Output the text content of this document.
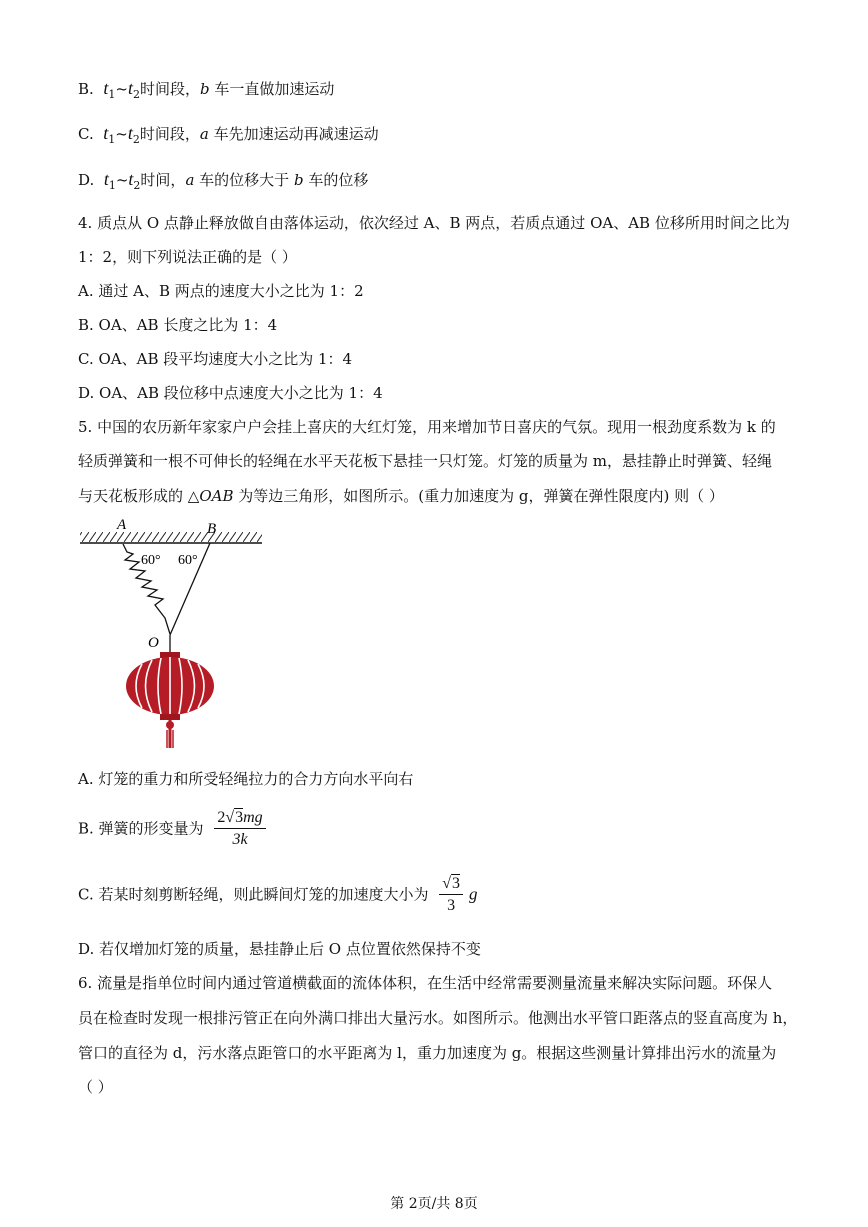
B. $t_1\sim t_2$时间段，b 车一直做加速运动
C. $t_1\sim t_2$时间段，a 车先加速运动再减速运动
D. $t_1\sim t_2$时间，a 车的位移大于 b 车的位移
4. 质点从 O 点静止释放做自由落体运动，依次经过 A、B 两点，若质点通过 OA、AB 位移所用时间之比为
1：2，则下列说法正确的是（ ）
A. 通过 A、B 两点的速度大小之比为 1：2
B. OA、AB 长度之比为 1：4
C. OA、AB 段平均速度大小之比为 1：4
D. OA、AB 段位移中点速度大小之比为 1：4
5. 中国的农历新年家家户户会挂上喜庆的大红灯笼，用来增加节日喜庆的气氛。现用一根劲度系数为 k 的
轻质弹簧和一根不可伸长的轻绳在水平天花板下悬挂一只灯笼。灯笼的质量为 m，悬挂静止时弹簧、轻绳
与天花板形成的 △OAB 为等边三角形，如图所示。(重力加速度为 g，弹簧在弹性限度内) 则（ ）
A	B
60° 60°
O
A. 灯笼的重力和所受轻绳拉力的合力方向水平向右
B. 弹簧的形变量为 $\frac{2√3mg}{3k}$
C. 若某时刻剪断轻绳，则此瞬间灯笼的加速度大小为 $\frac{√3}{3}$ g
D. 若仅增加灯笼的质量，悬挂静止后 O 点位置依然保持不变
6. 流量是指单位时间内通过管道横截面的流体体积，在生活中经常需要测量流量来解决实际问题。环保人
员在检查时发现一根排污管正在向外满口排出大量污水。如图所示。他测出水平管口距落点的竖直高度为 h，
管口的直径为 d，污水落点距管口的水平距离为 l，重力加速度为 g。根据这些测量计算排出污水的流量为
（ ）
第 2页/共 8页
